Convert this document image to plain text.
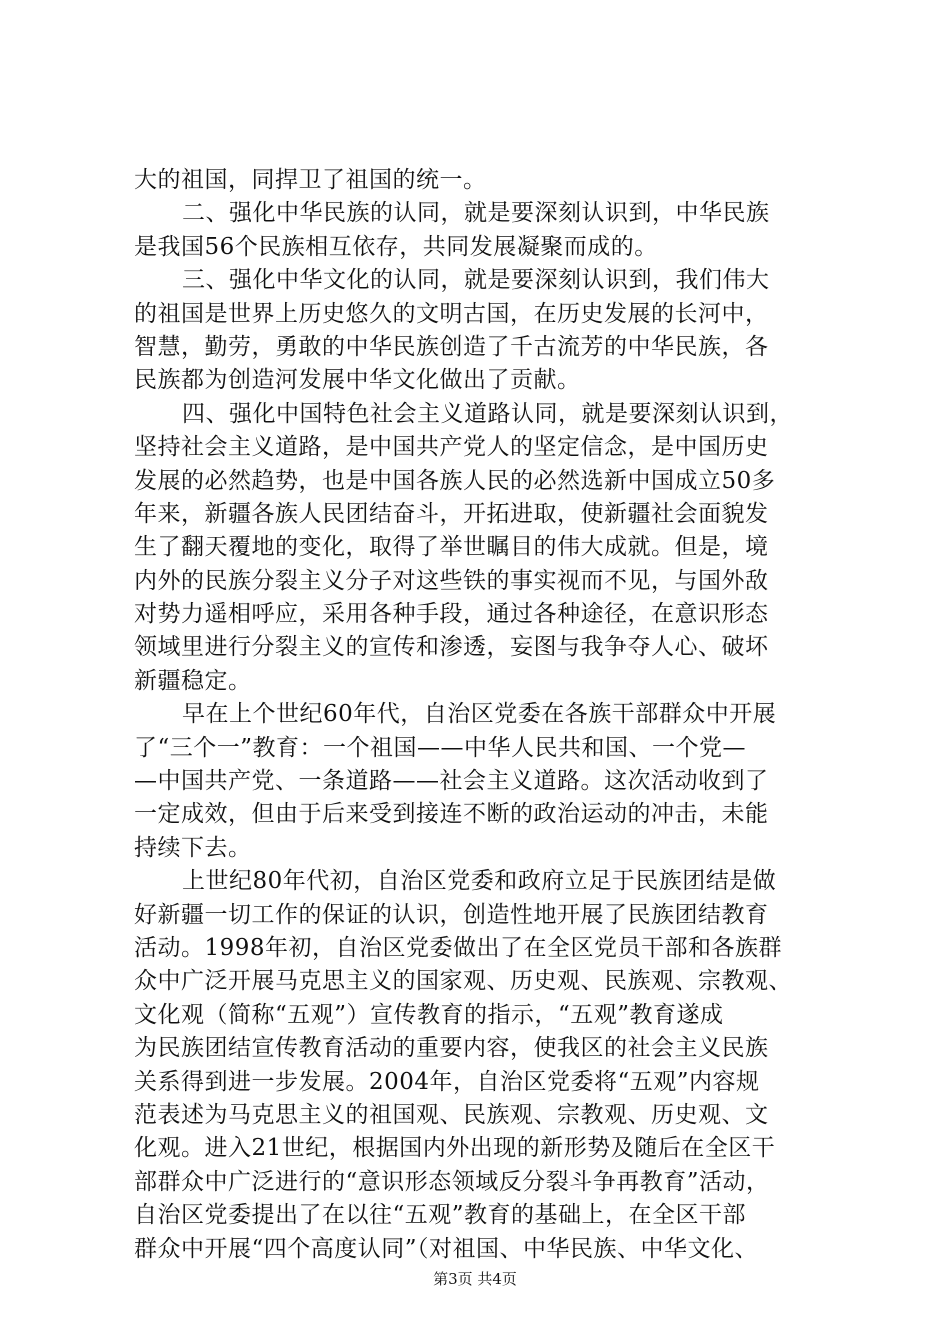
大的祖国，同捍卫了祖国的统一。
二、强化中华民族的认同，就是要深刻认识到，中华民族
是我国56个民族相互依存，共同发展凝聚而成的。
三、强化中华文化的认同，就是要深刻认识到，我们伟大
的祖国是世界上历史悠久的文明古国，在历史发展的长河中，
智慧，勤劳，勇敢的中华民族创造了千古流芳的中华民族，各
民族都为创造河发展中华文化做出了贡献。
四、强化中国特色社会主义道路认同，就是要深刻认识到，
坚持社会主义道路，是中国共产党人的坚定信念，是中国历史
发展的必然趋势，也是中国各族人民的必然选新中国成立50多
年来，新疆各族人民团结奋斗，开拓进取，使新疆社会面貌发
生了翻天覆地的变化，取得了举世瞩目的伟大成就。但是，境
内外的民族分裂主义分子对这些铁的事实视而不见，与国外敌
对势力遥相呼应，采用各种手段，通过各种途径，在意识形态
领域里进行分裂主义的宣传和渗透，妄图与我争夺人心、破坏
新疆稳定。
早在上个世纪60年代，自治区党委在各族干部群众中开展
了“三个一”教育：一个祖国——中华人民共和国、一个党—
—中国共产党、一条道路——社会主义道路。这次活动收到了
一定成效，但由于后来受到接连不断的政治运动的冲击，未能
持续下去。
上世纪80年代初，自治区党委和政府立足于民族团结是做
好新疆一切工作的保证的认识，创造性地开展了民族团结教育
活动。1998年初，自治区党委做出了在全区党员干部和各族群
众中广泛开展马克思主义的国家观、历史观、民族观、宗教观、
文化观（简称“五观”）宣传教育的指示，“五观”教育遂成
为民族团结宣传教育活动的重要内容，使我区的社会主义民族
关系得到进一步发展。2004年，自治区党委将“五观”内容规
范表述为马克思主义的祖国观、民族观、宗教观、历史观、文
化观。进入21世纪，根据国内外出现的新形势及随后在全区干
部群众中广泛进行的“意识形态领域反分裂斗争再教育”活动，
自治区党委提出了在以往“五观”教育的基础上，在全区干部
群众中开展“四个高度认同”（对祖国、中华民族、中华文化、
第3页 共4页
